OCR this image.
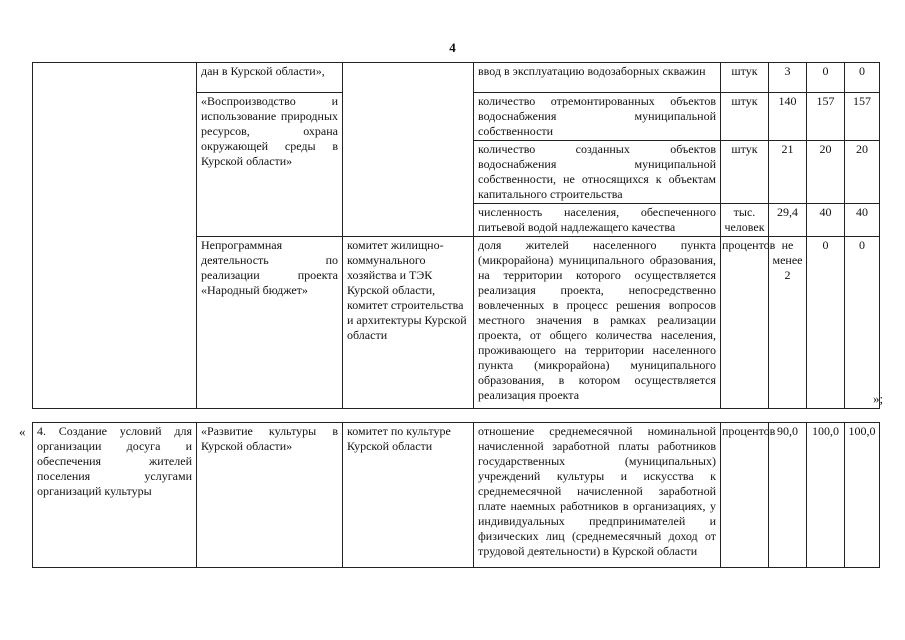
4
	дан в Курской области»,		ввод в эксплуатацию водозаборных скважин	штук	3	0	0
	«Воспроизводство и использование природных ресурсов, охрана окружающей среды в Курской области»		количество отремонтированных объектов водоснабжения муниципальной собственности	штук	140	157	157
			количество созданных объектов водоснабжения муниципальной собственности, не относящихся к объектам капитального строительства	штук	21	20	20
			численность населения, обеспеченного питьевой водой надлежащего качества	тыс. человек	29,4	40	40
	Непрограммная деятельность по реализации проекта «Народный бюджет»	комитет жилищно-коммунального хозяйства и ТЭК Курской области, комитет строительства и архитектуры Курской области	доля жителей населенного пункта (микрорайона) муниципального образования, на территории которого осуществляется реализация проекта, непосредственно вовлеченных в процесс решения вопросов местного значения в рамках реализации проекта, от общего количества населения, проживающего на территории населенного пункта (микрорайона) муниципального образования, в котором осуществляется реализация проекта	процентов	не менее 2	0	0
»;
« 4. Создание условий для организации досуга и обеспечения жителей поселения услугами организаций культуры	«Развитие культуры в Курской области»	комитет по культуре Курской области	отношение среднемесячной номинальной начисленной заработной платы работников государственных (муниципальных) учреждений культуры и искусства к среднемесячной начисленной заработной плате наемных работников в организациях, у индивидуальных предпринимателей и физических лиц (среднемесячный доход от трудовой деятельности) в Курской области	процентов	90,0	100,0	100,0
